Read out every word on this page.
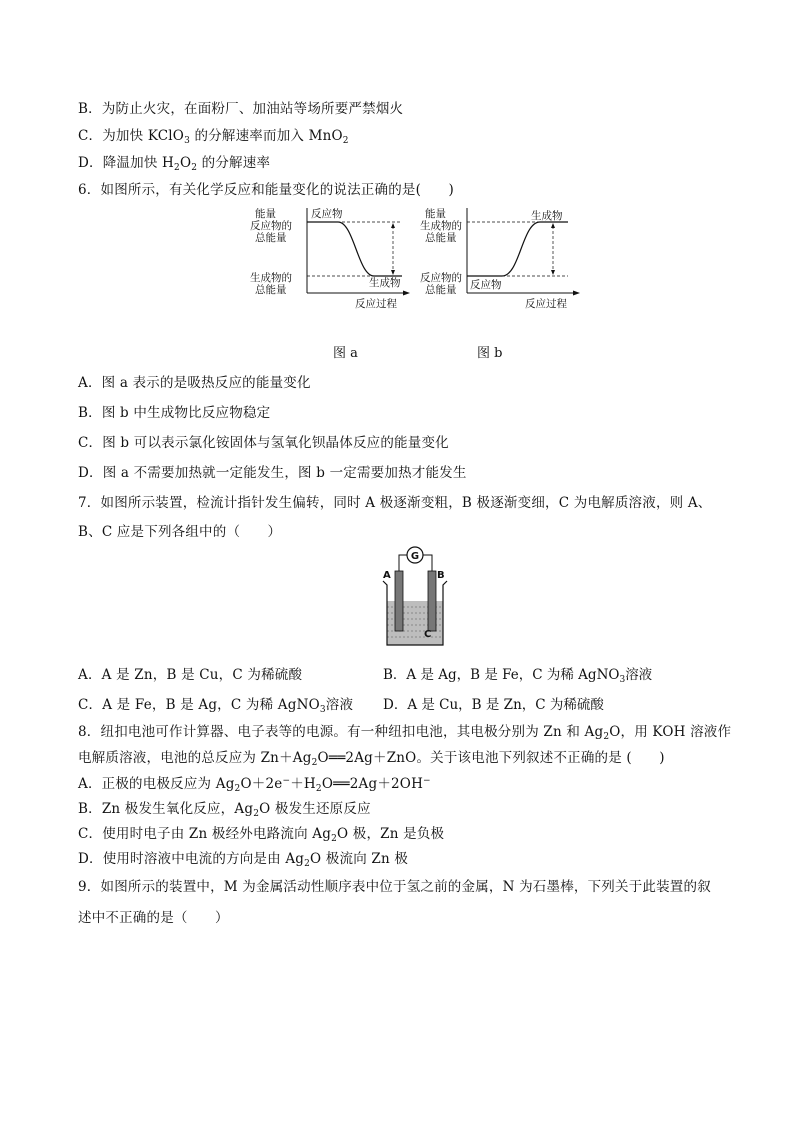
B．为防止火灾，在面粉厂、加油站等场所要严禁烟火
C．为加快 KClO$_3$ 的分解速率而加入 MnO$_2$
D．降温加快 $H_2O_2$ 的分解速率
6．如图所示，有关化学反应和能量变化的说法正确的是(　　)
能量
反应物的
总能量
生成物的
总能量
反应物
生成物
反应过程
能量
生成物的
总能量
反应物的
总能量
生成物
反应物
反应过程
图 a	图 b
A．图 a 表示的是吸热反应的能量变化
B．图 b 中生成物比反应物稳定
C．图 b 可以表示氯化铵固体与氢氧化钡晶体反应的能量变化
D．图 a 不需要加热就一定能发生，图 b 一定需要加热才能发生
7．如图所示装置，检流计指针发生偏转，同时 A 极逐渐变粗，B 极逐渐变细，C 为电解质溶液，则 A、
B、C 应是下列各组中的（　　）
G
A	B
C
A．A 是 Zn，B 是 Cu，C 为稀硫酸	B．A 是 Ag，B 是 Fe，C 为稀 AgNO$_3$溶液
C．A 是 Fe，B 是 Ag，C 为稀 AgNO$_3$溶液 D．A 是 Cu，B 是 Zn，C 为稀硫酸
8．纽扣电池可作计算器、电子表等的电源。有一种纽扣电池，其电极分别为 Zn 和 $Ag_2O$，用 KOH 溶液作
电解质溶液，电池的总反应为 $Zn+Ag_2O══2Ag+ZnO$。关于该电池下列叙述不正确的是 (　　)
A．正极的电极反应为 $Ag_2O+2e^-+H_2O══2Ag+2OH^-$
B．Zn 极发生氧化反应，$Ag_2O$ 极发生还原反应
C．使用时电子由 Zn 极经外电路流向 $Ag_2O$ 极，Zn 是负极
D．使用时溶液中电流的方向是由 $Ag_2O$ 极流向 Zn 极
9．如图所示的装置中，M 为金属活动性顺序表中位于氢之前的金属，N 为石墨棒，下列关于此装置的叙
述中不正确的是（　　）
